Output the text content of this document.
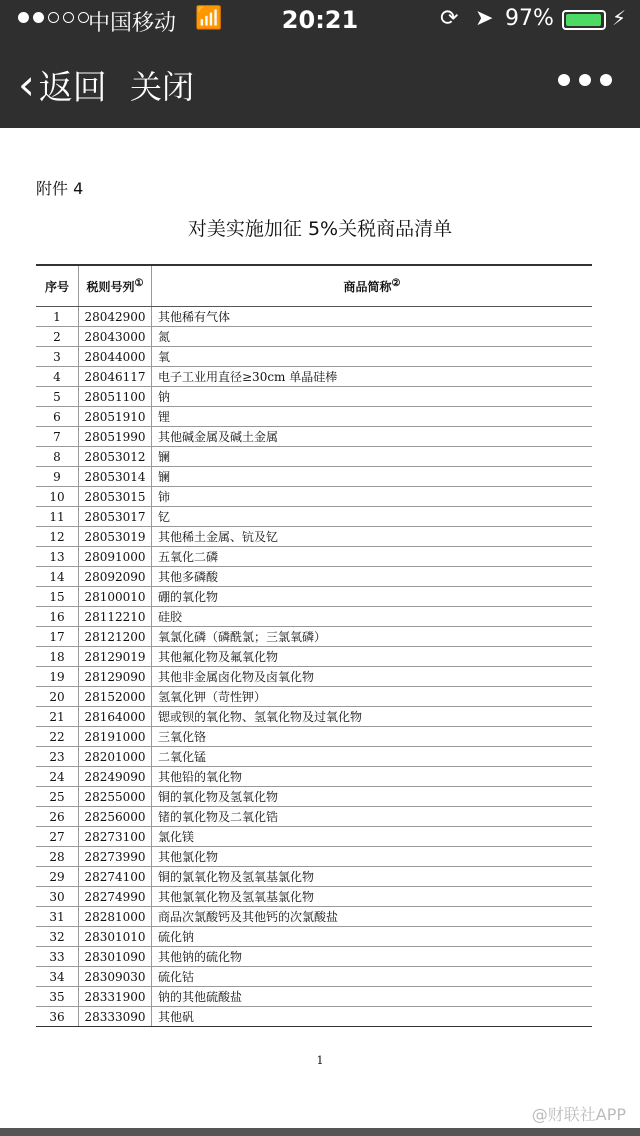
中国移动 📶	20:21	⟳ ➤ 97%	⚡
‹ 返回 关闭
附件 4
对美实施加征 5%关税商品清单
序号	税则号列①	商品简称②
1	28042900	其他稀有气体
2	28043000	氮
3	28044000	氧
4	28046117	电子工业用直径≥30cm 单晶硅棒
5	28051100	钠
6	28051910	锂
7	28051990	其他碱金属及碱土金属
8	28053012	镧
9	28053014	镧
10	28053015	铈
11	28053017	钇
12	28053019	其他稀土金属、钪及钇
13	28091000	五氧化二磷
14	28092090	其他多磷酸
15	28100010	硼的氧化物
16	28112210	硅胶
17	28121200	氧氯化磷（磷酰氯；三氯氧磷）
18	28129019	其他氟化物及氟氧化物
19	28129090	其他非金属卤化物及卤氧化物
20	28152000	氢氧化钾（苛性钾）
21	28164000	锶或钡的氧化物、氢氧化物及过氧化物
22	28191000	三氧化铬
23	28201000	二氧化锰
24	28249090	其他铅的氧化物
25	28255000	铜的氧化物及氢氧化物
26	28256000	锗的氧化物及二氧化锆
27	28273100	氯化镁
28	28273990	其他氯化物
29	28274100	铜的氯氧化物及氢氧基氯化物
30	28274990	其他氯氧化物及氢氧基氯化物
31	28281000	商品次氯酸钙及其他钙的次氯酸盐
32	28301010	硫化钠
33	28301090	其他钠的硫化物
34	28309030	硫化钴
35	28331900	钠的其他硫酸盐
36	28333090	其他矾
1
@财联社APP
